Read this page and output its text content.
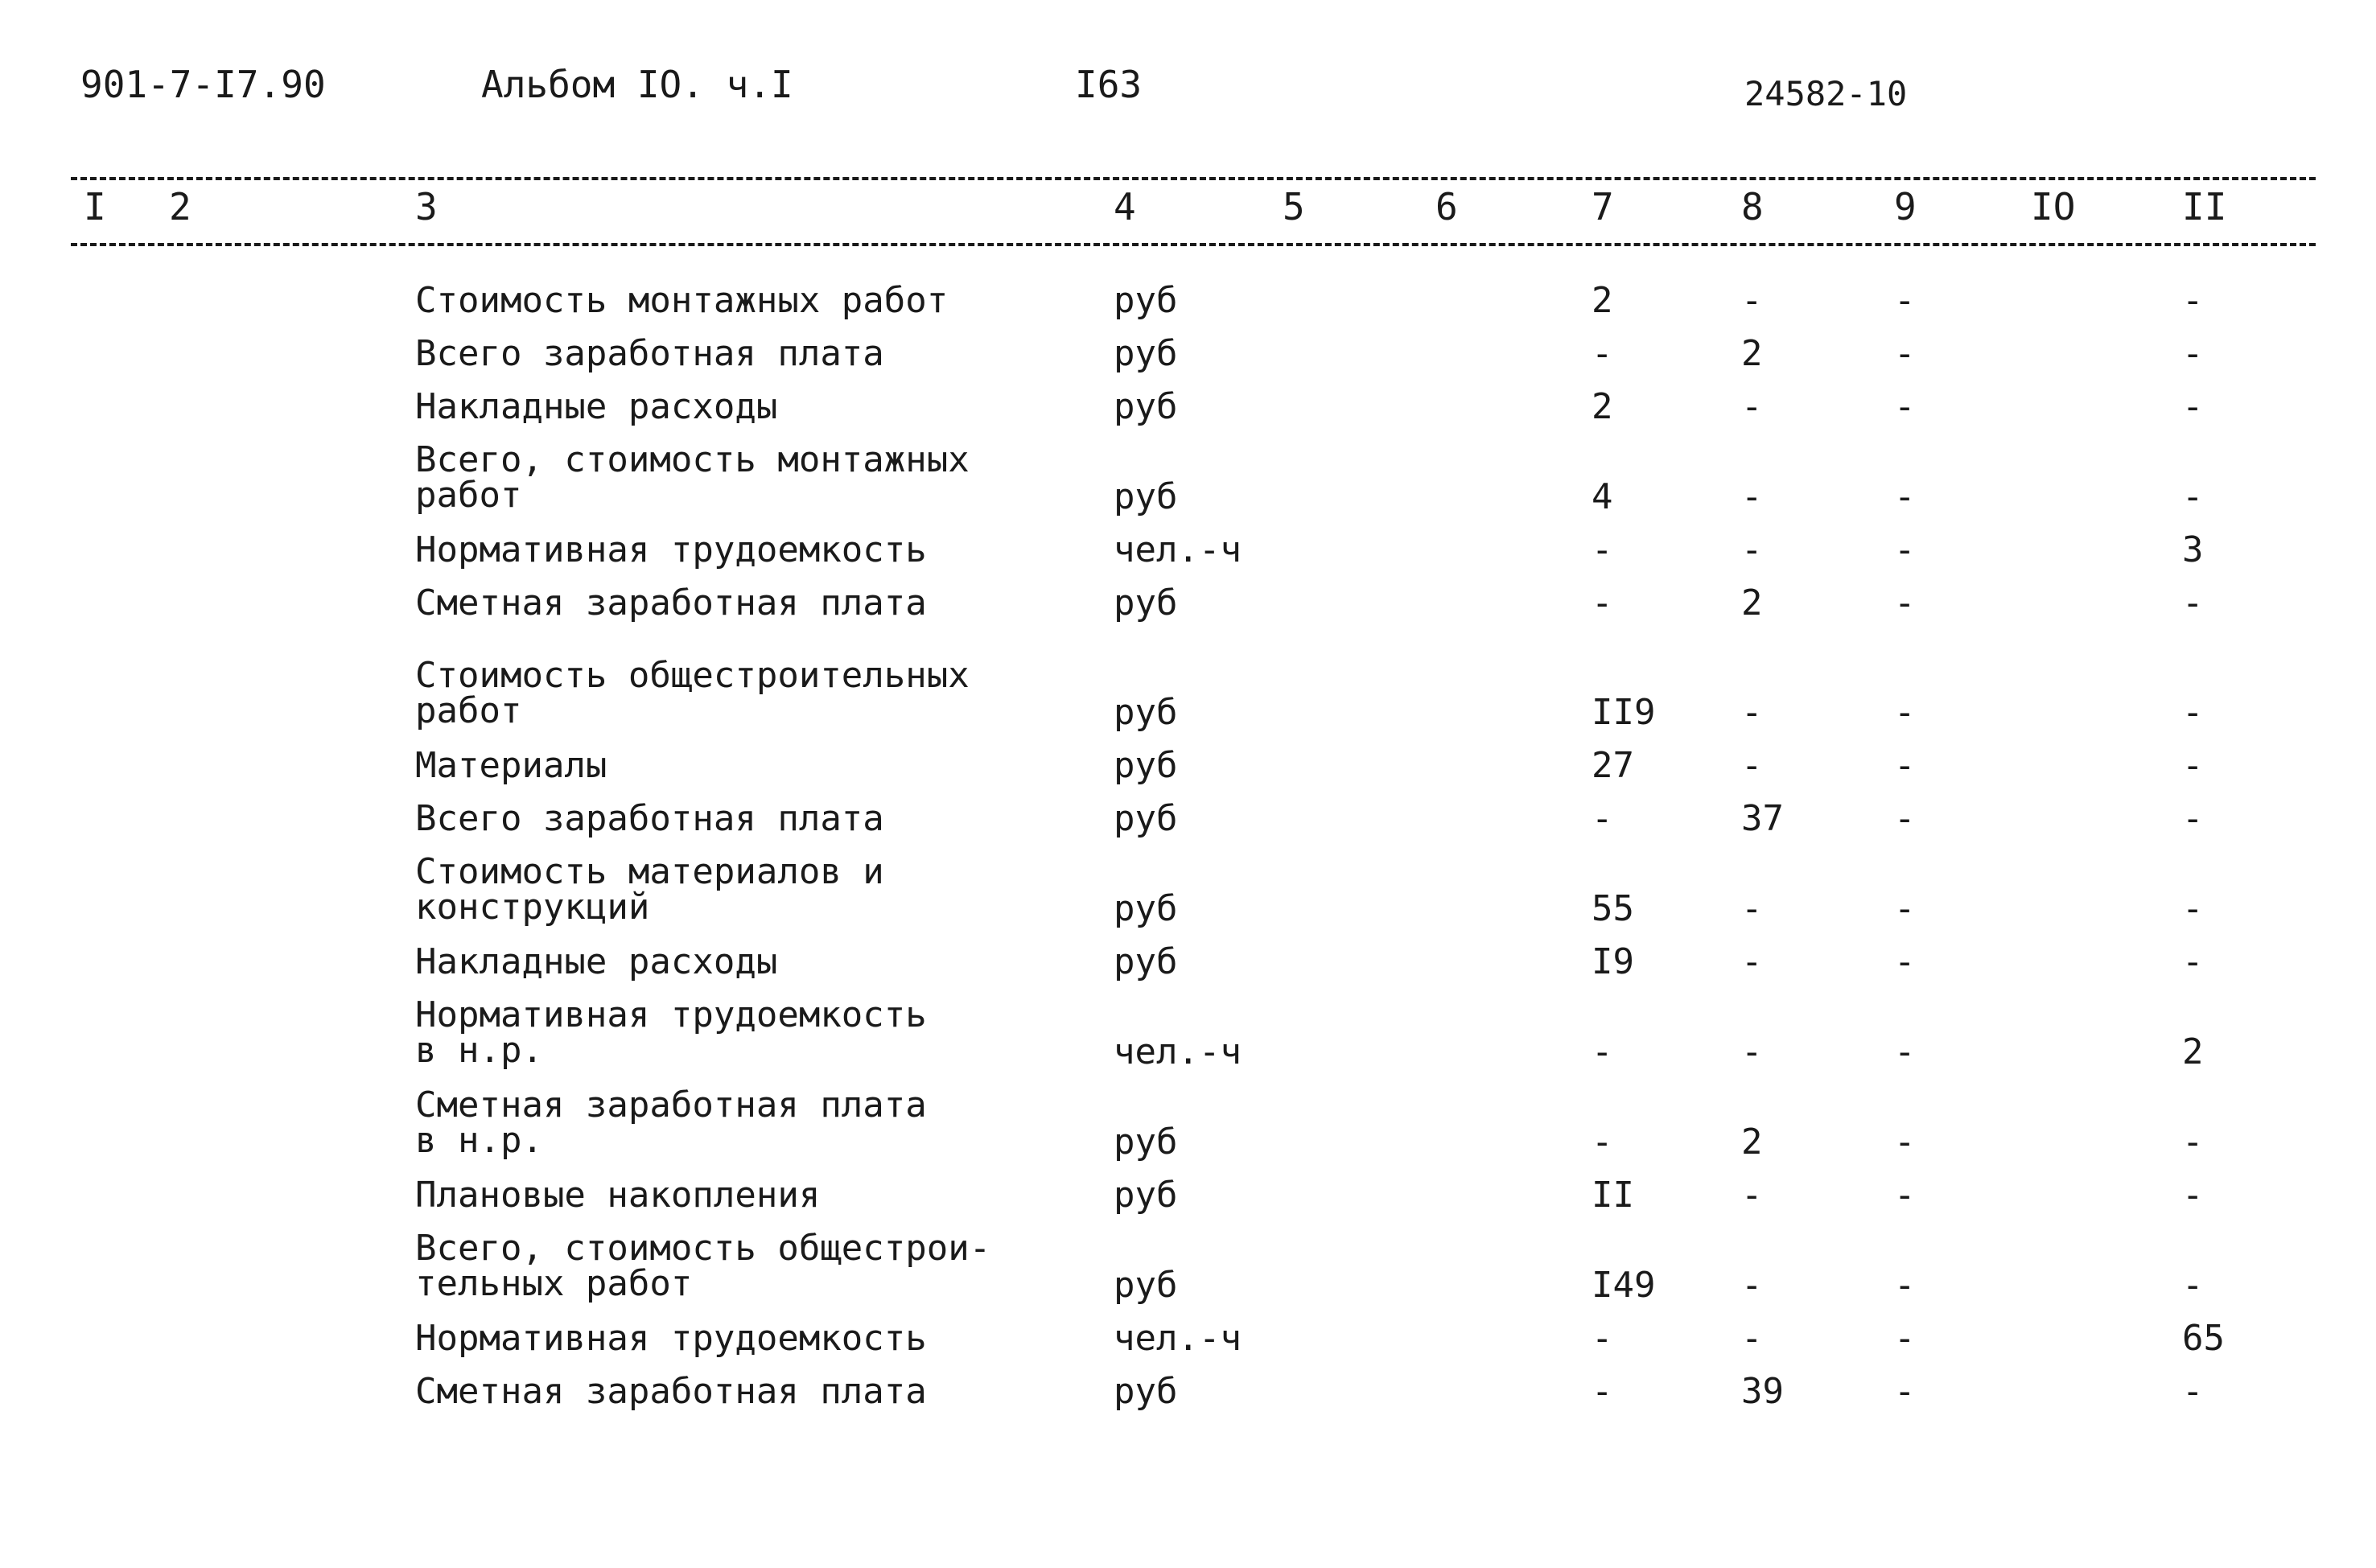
901-7-I7.90	Альбом IO. ч.I	I63	24582-10
I 2	3	4	5	6	7	8	9	IO	II
Стоимость монтажных работ	руб	2	-	-	-
Всего заработная плата	руб	-	2	-	-
Накладные расходы	руб	2	-	-	-
Всего, стоимость монтажных
работ	руб	4	-	-	-
Нормативная трудоемкость	чел.-ч	-	-	-	3
Сметная заработная плата	руб	-	2	-	-
Стоимость общестроительных
работ	руб	II9 -	-	-
Материалы	руб	27	-	-	-
Всего заработная плата	руб	-	37	-	-
Стоимость материалов и
конструкций	руб	55	-	-	-
Накладные расходы	руб	I9	-	-	-
Нормативная трудоемкость
в н.р.	чел.-ч	-	-	-	2
Сметная заработная плата
в н.р.	руб	-	2	-	-
Плановые накопления	руб	II	-	-	-
Всего, стоимость общестрои-
тельных работ	руб	I49 -	-	-
Нормативная трудоемкость	чел.-ч	-	-	-	65
Сметная заработная плата	руб	-	39	-	-
